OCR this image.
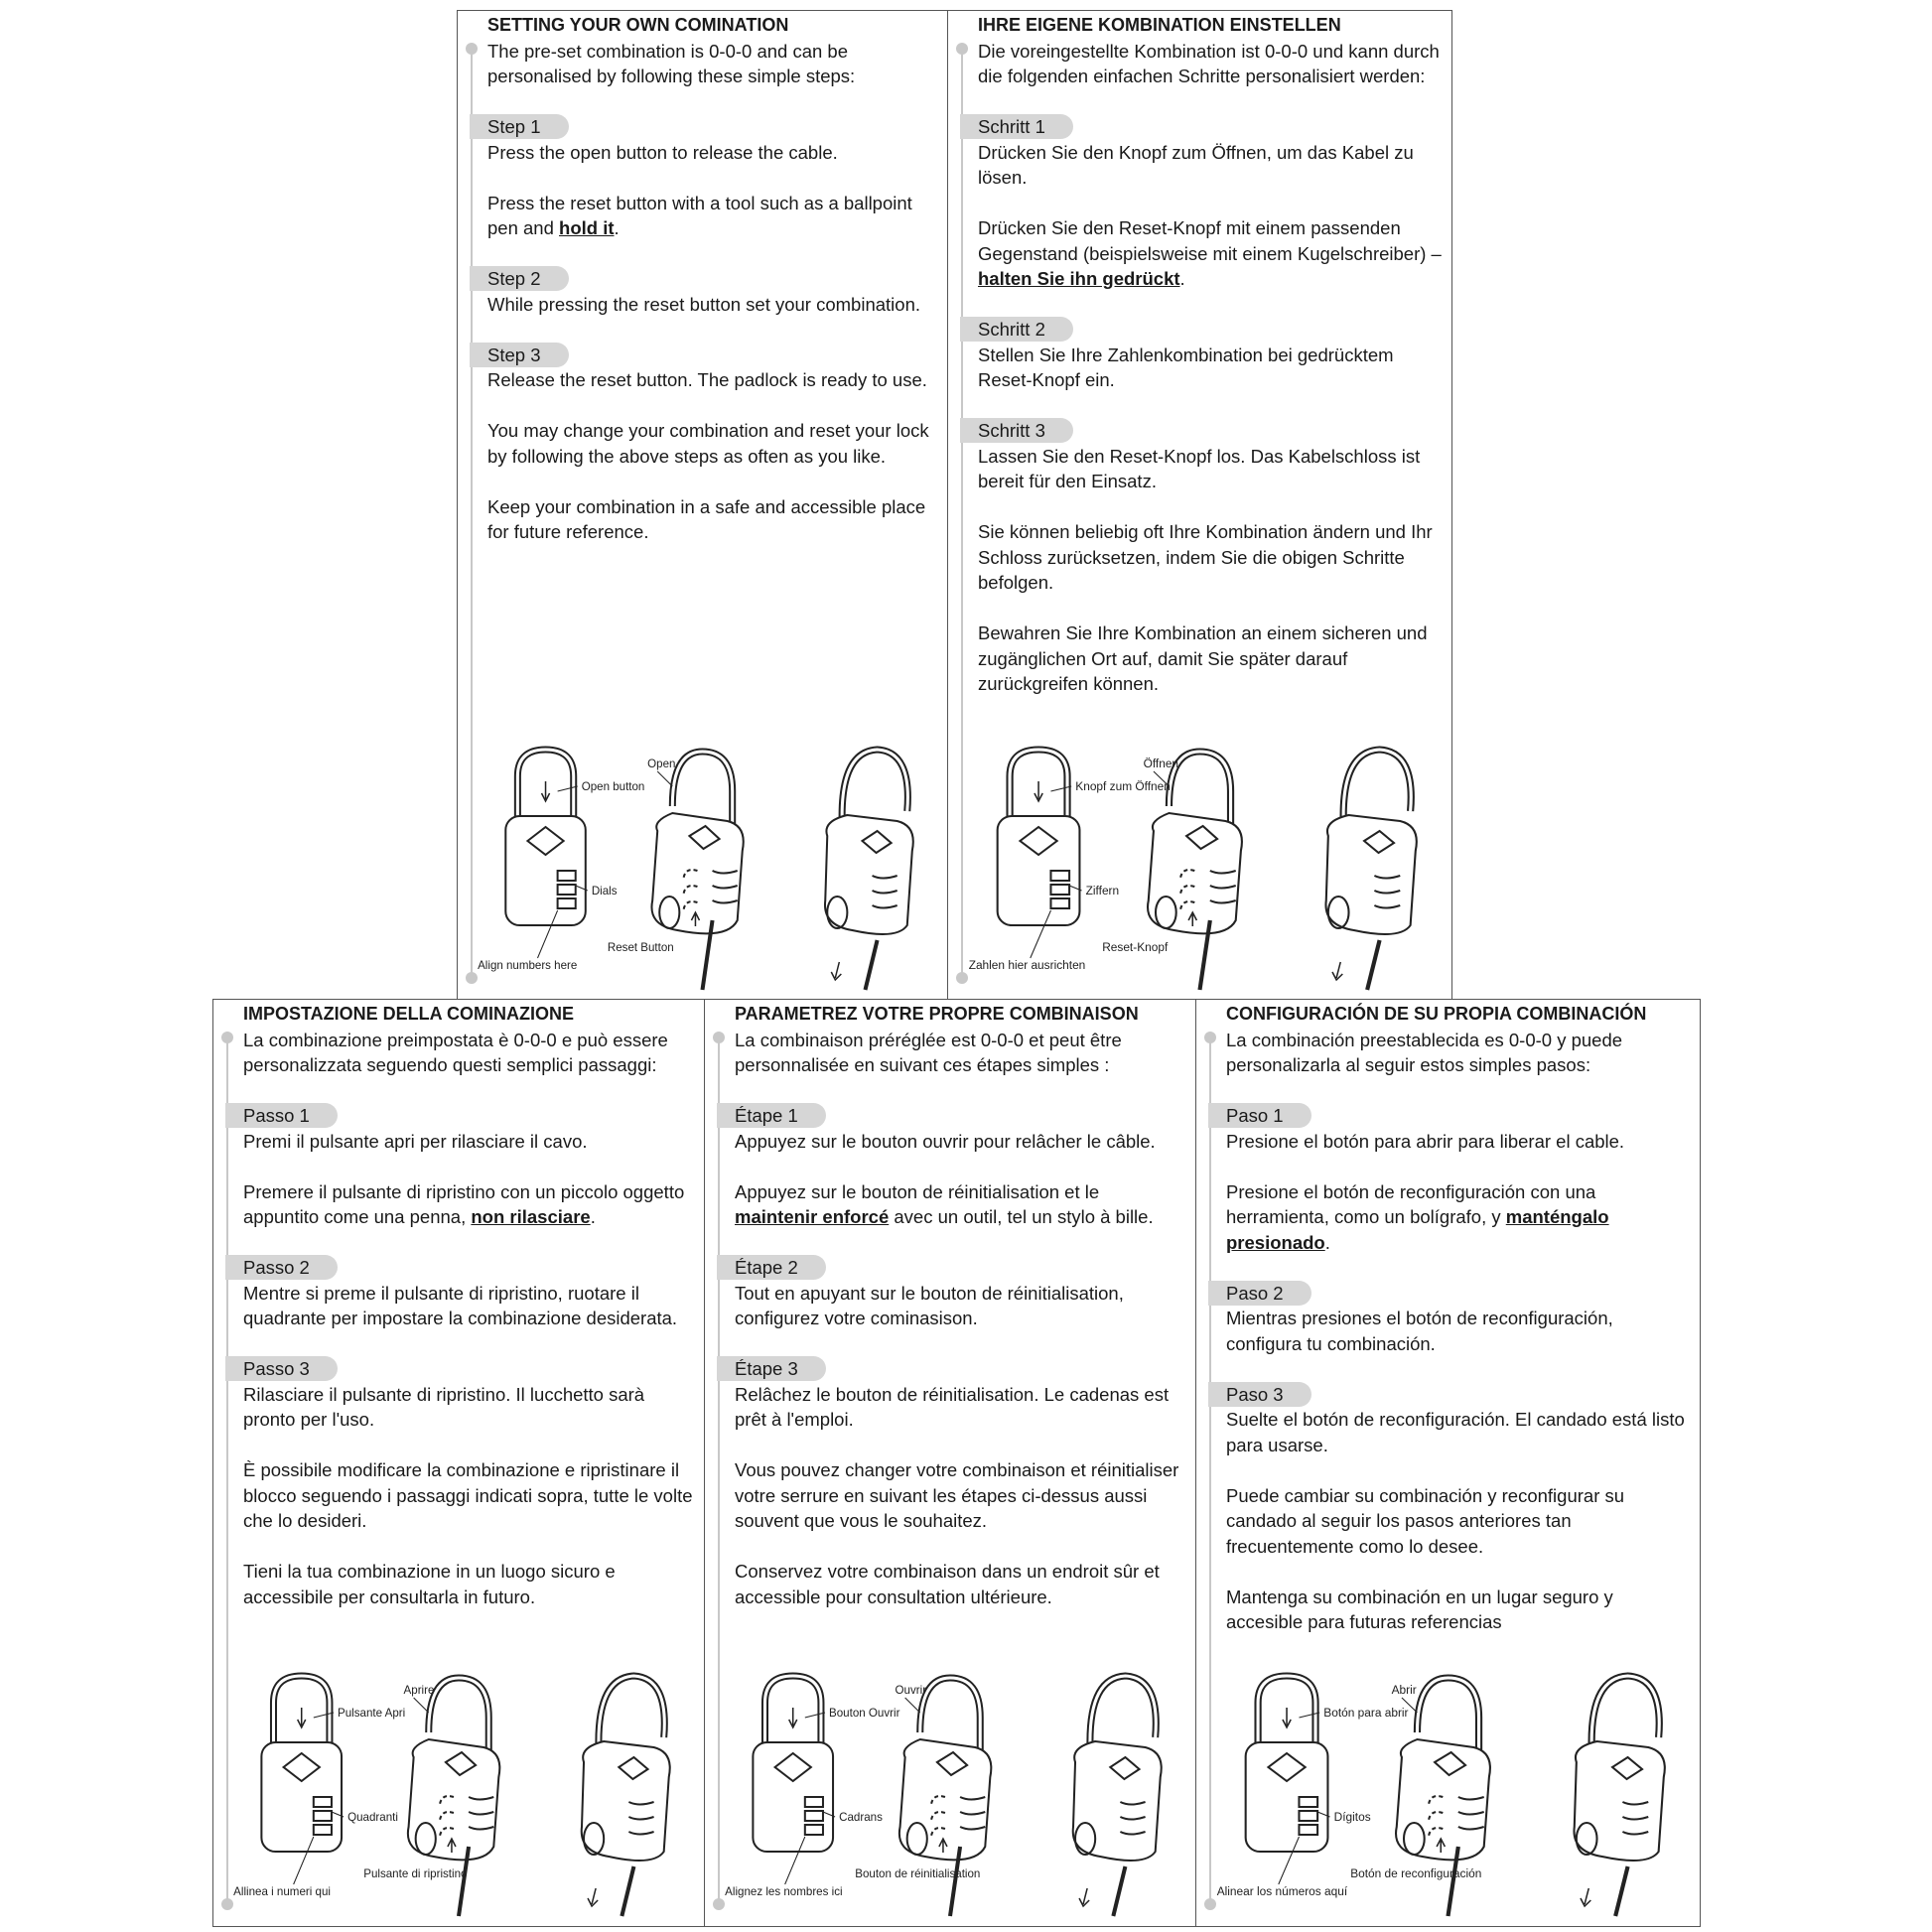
SETTING YOUR OWN COMINATION

The pre-set combination is 0-0-0 and can be personalised by following these simple steps:

Step 1

Press the open button to release the cable.

Press the reset button with a tool such as a ballpoint pen and hold it.

Step 2

While pressing the reset button set your combination.

Step 3

Release the reset button. The padlock is ready to use.

You may change your combination and reset your lock by following the above steps as often as you like.

Keep your combination in a safe and accessible place for future reference.

Open button
Open
Dials
Reset Button
Align numbers here
IHRE EIGENE KOMBINATION EINSTELLEN

Die voreingestellte Kombination ist 0-0-0 und kann durch die folgenden einfachen Schritte personalisiert werden:

Schritt 1

Drücken Sie den Knopf zum Öffnen, um das Kabel zu lösen.

Drücken Sie den Reset-Knopf mit einem passenden Gegenstand (beispielsweise mit einem Kugelschreiber) – halten Sie ihn gedrückt.

Schritt 2

Stellen Sie Ihre Zahlenkombination bei gedrücktem Reset-Knopf ein.

Schritt 3

Lassen Sie den Reset-Knopf los. Das Kabelschloss ist bereit für den Einsatz.

Sie können beliebig oft Ihre Kombination ändern und Ihr Schloss zurücksetzen, indem Sie die obigen Schritte befolgen.

Bewahren Sie Ihre Kombination an einem sicheren und zugänglichen Ort auf, damit Sie später darauf zurückgreifen können.

Knopf zum Öffnen
Öffnen
Ziffern
Reset-Knopf
Zahlen hier ausrichten
IMPOSTAZIONE DELLA COMINAZIONE

La combinazione preimpostata è 0-0-0 e può essere personalizzata seguendo questi semplici passaggi:

Passo 1

Premi il pulsante apri per rilasciare il cavo.

Premere il pulsante di ripristino con un piccolo oggetto appuntito come una penna, non rilasciare.

Passo 2

Mentre si preme il pulsante di ripristino, ruotare il quadrante per impostare la combinazione desiderata.

Passo 3

Rilasciare il pulsante di ripristino. Il lucchetto sarà pronto per l'uso.

È possibile modificare la combinazione e ripristinare il blocco seguendo i passaggi indicati sopra, tutte le volte che lo desideri.

Tieni la tua combinazione in un luogo sicuro e accessibile per consultarla in futuro.

Pulsante Apri
Aprire
Quadranti
Pulsante di ripristino
Allinea i numeri qui
PARAMETREZ VOTRE PROPRE COMBINAISON

La combinaison préréglée est 0-0-0 et peut être personnalisée en suivant ces étapes simples :

Étape 1

Appuyez sur le bouton ouvrir pour relâcher le câble.

Appuyez sur le bouton de réinitialisation et le maintenir enforcé avec un outil, tel un stylo à bille.

Étape 2

Tout en apuyant sur le bouton de réinitialisation, configurez votre cominasison.

Étape 3

Relâchez le bouton de réinitialisation. Le cadenas est prêt à l'emploi.

Vous pouvez changer votre combinaison et réinitialiser votre serrure en suivant les étapes ci-dessus aussi souvent que vous le souhaitez.

Conservez votre combinaison dans un endroit sûr et accessible pour consultation ultérieure.

Bouton Ouvrir
Ouvrir
Cadrans
Bouton de réinitialisation
Alignez les nombres ici
CONFIGURACIÓN DE SU PROPIA COMBINACIÓN

La combinación preestablecida es 0-0-0 y puede personalizarla al seguir estos simples pasos:

Paso 1

Presione el botón para abrir para liberar el cable.

Presione el botón de reconfiguración con una herramienta, como un bolígrafo, y manténgalo presionado.

Paso 2

Mientras presiones el botón de reconfiguración, configura tu combinación.

Paso 3

Suelte el botón de reconfiguración. El candado está listo para usarse.

Puede cambiar su combinación y reconfigurar su candado al seguir los pasos anteriores tan frecuentemente como lo desee.

Mantenga su combinación en un lugar seguro y accesible para futuras referencias

Botón para abrir
Abrir
Dígitos
Botón de reconfiguración
Alinear los números aquí
